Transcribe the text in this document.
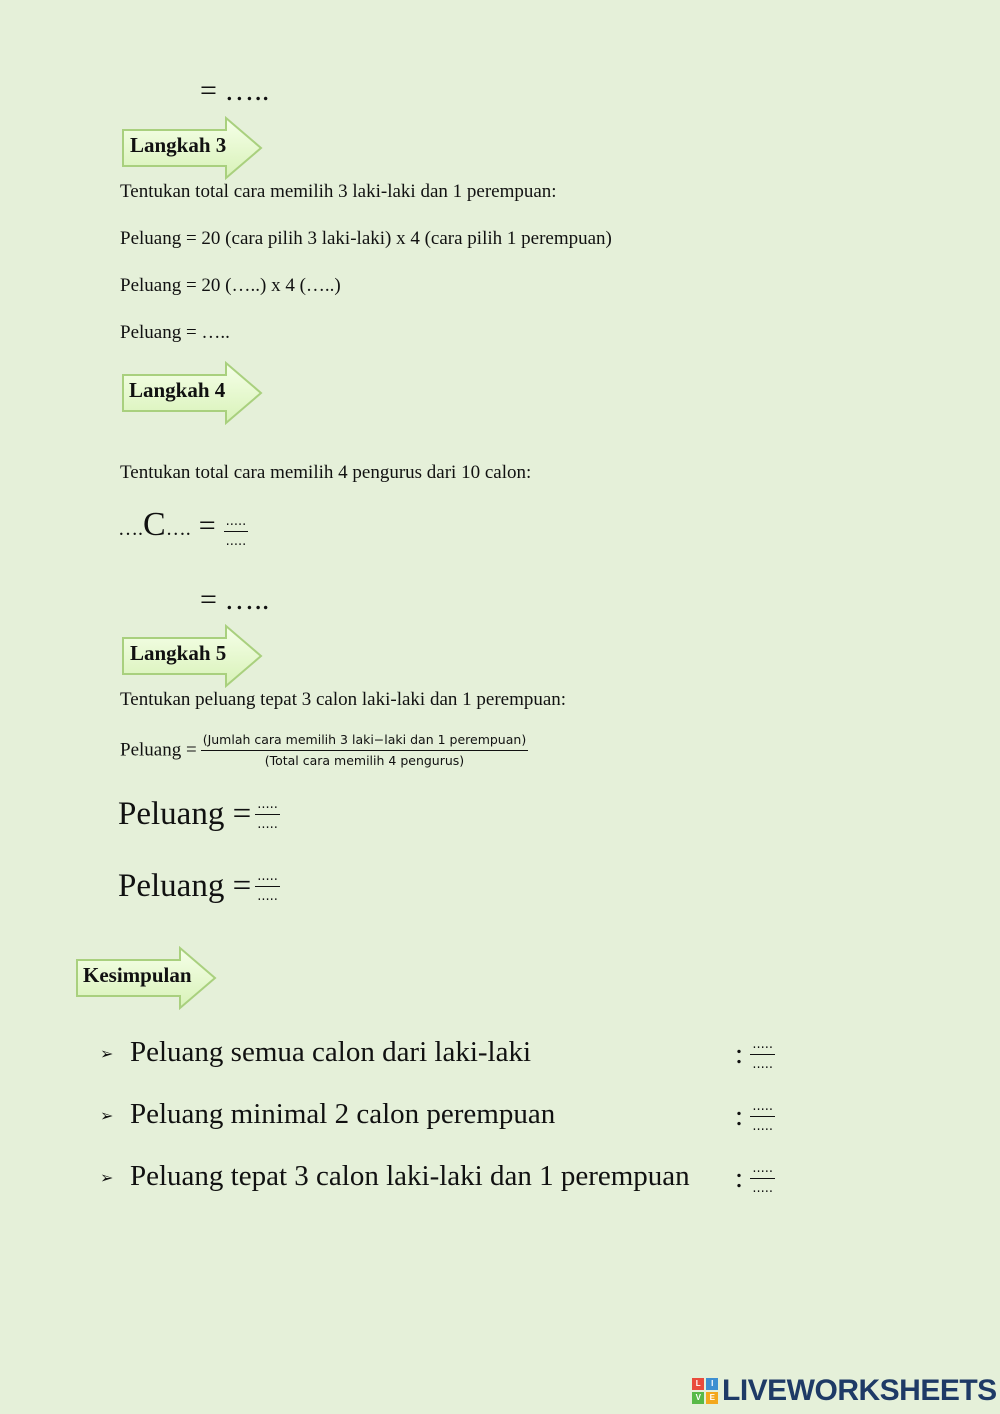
= …..
Langkah 3
Tentukan total cara memilih 3 laki-laki dan 1 perempuan:
Peluang = 20 (cara pilih 3 laki-laki) x 4 (cara pilih 1 perempuan)
Peluang = 20 (…..) x 4 (…..)
Peluang = …..
Langkah 4
Tentukan total cara memilih 4 pengurus dari 10 calon:
….C…. = $\frac{.....}{.....}$
= …..
Langkah 5
Tentukan peluang tepat 3 calon laki-laki dan 1 perempuan:
Peluang = $\frac{\text{(Jumlah cara memilih 3 laki−laki dan 1 perempuan)}}{\text{(Total cara memilih 4 pengurus)}}$
Peluang = $\frac{.....}{.....}$
Peluang = $\frac{.....}{.....}$
Kesimpulan
➢ Peluang semua calon dari laki-laki	: $\frac{.....}{.....}$
➢ Peluang minimal 2 calon perempuan	: $\frac{.....}{.....}$
➢ Peluang tepat 3 calon laki-laki dan 1 perempuan : $\frac{.....}{.....}$
L	I
V	E LIVEWORKSHEETS
